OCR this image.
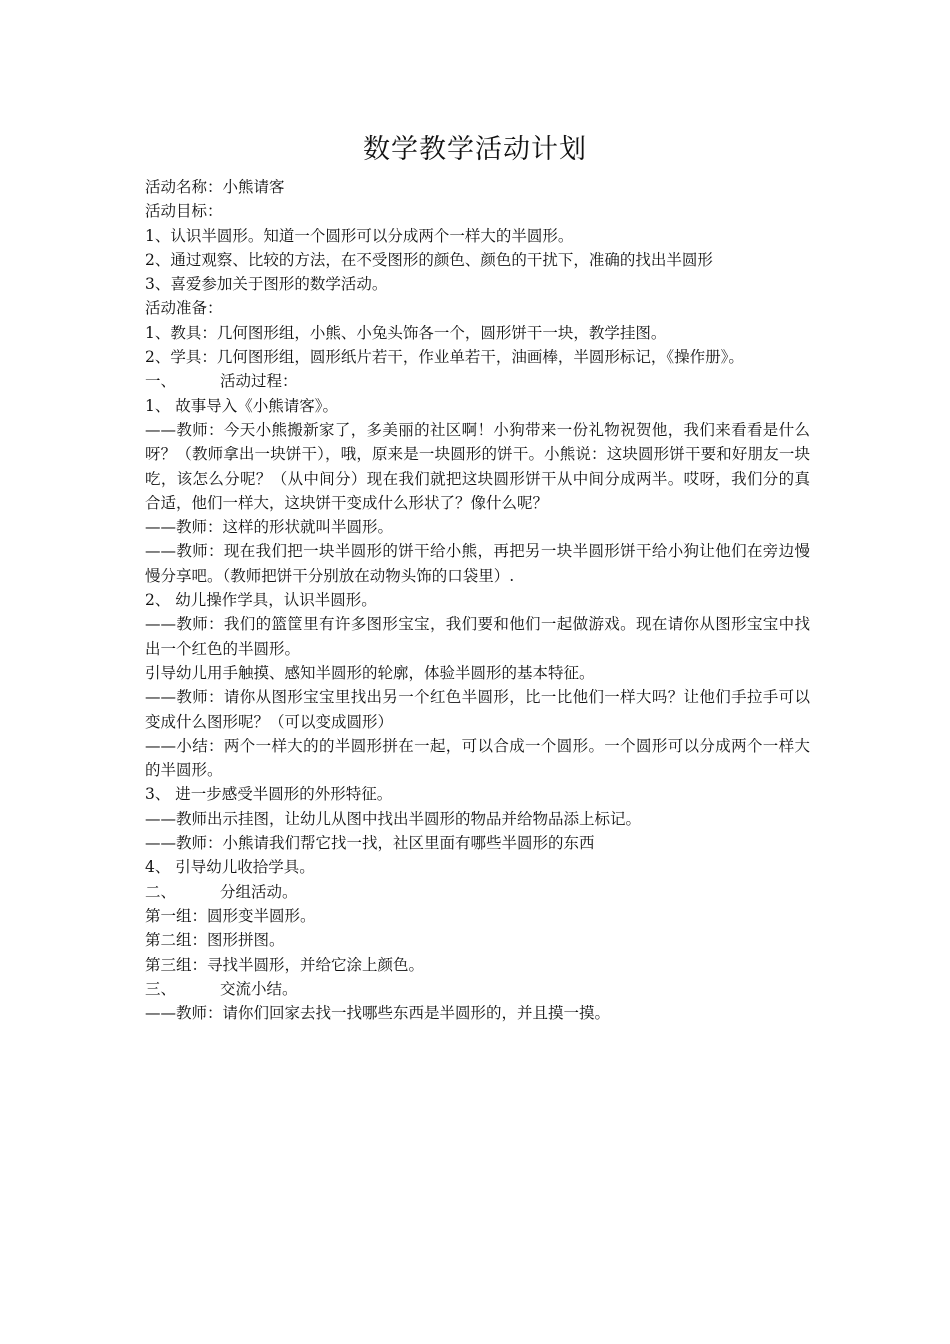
数学教学活动计划

活动名称：小熊请客

活动目标：

1、认识半圆形。知道一个圆形可以分成两个一样大的半圆形。

2、通过观察、比较的方法，在不受图形的颜色、颜色的干扰下，准确的找出半圆形

3、喜爱参加关于图形的数学活动。

活动准备：

1、教具：几何图形组，小熊、小兔头饰各一个，圆形饼干一块，教学挂图。

2、学具：几何图形组，圆形纸片若干，作业单若干，油画棒，半圆形标记，《操作册》。

一、	活动过程：

1、 故事导入《小熊请客》。

——教师：今天小熊搬新家了，多美丽的社区啊！小狗带来一份礼物祝贺他，我们来看看是什么呀？（教师拿出一块饼干），哦，原来是一块圆形的饼干。小熊说：这块圆形饼干要和好朋友一块吃，该怎么分呢？（从中间分）现在我们就把这块圆形饼干从中间分成两半。哎呀，我们分的真合适，他们一样大，这块饼干变成什么形状了？像什么呢？

——教师：这样的形状就叫半圆形。

——教师：现在我们把一块半圆形的饼干给小熊，再把另一块半圆形饼干给小狗让他们在旁边慢慢分享吧。（教师把饼干分别放在动物头饰的口袋里）.

2、 幼儿操作学具，认识半圆形。

——教师：我们的篮筐里有许多图形宝宝，我们要和他们一起做游戏。现在请你从图形宝宝中找出一个红色的半圆形。

引导幼儿用手触摸、感知半圆形的轮廓，体验半圆形的基本特征。

——教师：请你从图形宝宝里找出另一个红色半圆形，比一比他们一样大吗？让他们手拉手可以变成什么图形呢？（可以变成圆形）

——小结：两个一样大的的半圆形拼在一起，可以合成一个圆形。一个圆形可以分成两个一样大的半圆形。

3、 进一步感受半圆形的外形特征。

——教师出示挂图，让幼儿从图中找出半圆形的物品并给物品添上标记。

——教师：小熊请我们帮它找一找，社区里面有哪些半圆形的东西

4、 引导幼儿收拾学具。

二、	分组活动。

第一组：圆形变半圆形。

第二组：图形拼图。

第三组：寻找半圆形，并给它涂上颜色。

三、	交流小结。

——教师：请你们回家去找一找哪些东西是半圆形的，并且摸一摸。
